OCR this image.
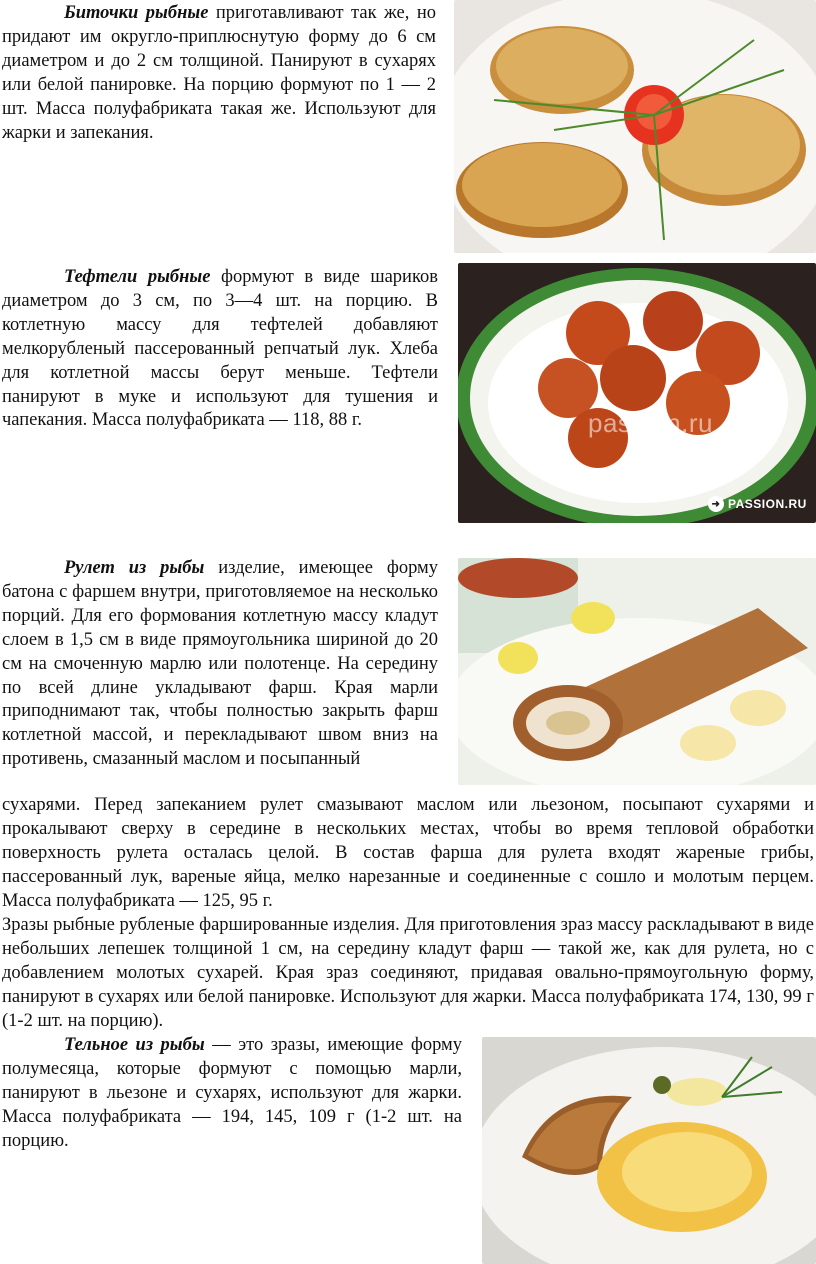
Биточки рыбные приготавливают так же, но придают им округло-приплюснутую форму до 6 см диаметром и до 2 см толщиной. Панируют в сухарях или белой панировке. На порцию формуют по 1 — 2 шт. Масса полуфабриката такая же. Используют для жарки и запекания.

Тефтели рыбные формуют в виде шариков диаметром до 3 см, по 3—4 шт. на порцию. В котлетную массу для тефтелей добавляют мелкорубленый пассерованный репчатый лук. Хлеба для котлетной массы берут меньше. Тефтели панируют в муке и используют для тушения и чапекания. Масса полуфабриката — 118, 88 г.	passion.ru
➜ PASSION.RU

Рулет из рыбы изделие, имеющее форму батона с фаршем внутри, приготовляемое на несколько порций. Для его формования котлетную массу кладут слоем в 1,5 см в виде прямоугольника шириной до 20 см на смоченную марлю или полотенце. На середину по всей длине укладывают фарш. Края марли приподнимают так, чтобы полностью закрыть фарш котлетной массой, и перекладывают швом вниз на противень, смазанный маслом и посыпанный

сухарями. Перед запеканием рулет смазывают маслом или льезоном, посыпают сухарями и прокалывают сверху в середине в нескольких местах, чтобы во время тепловой обработки поверхность рулета осталась целой. В состав фарша для рулета входят жареные грибы, пассерованный лук, вареные яйца, мелко нарезанные и соединенные с сошло и молотым перцем. Масса полуфабриката — 125, 95 г.

Зразы рыбные рубленые фаршированные изделия. Для приготовления зраз массу раскладывают в виде небольших лепешек толщиной 1 см, на середину кладут фарш — такой же, как для рулета, но с добавлением молотых сухарей. Края зраз соединяют, придавая овально-прямоугольную форму, панируют в сухарях или белой панировке. Используют для жарки. Масса полуфабриката 174, 130, 99 г (1-2 шт. на порцию).

Тельное из рыбы — это зразы, имеющие форму полумесяца, которые формуют с помощью марли, панируют в льезоне и сухарях, используют для жарки. Масса полуфабриката — 194, 145, 109 г (1-2 шт. на порцию.
